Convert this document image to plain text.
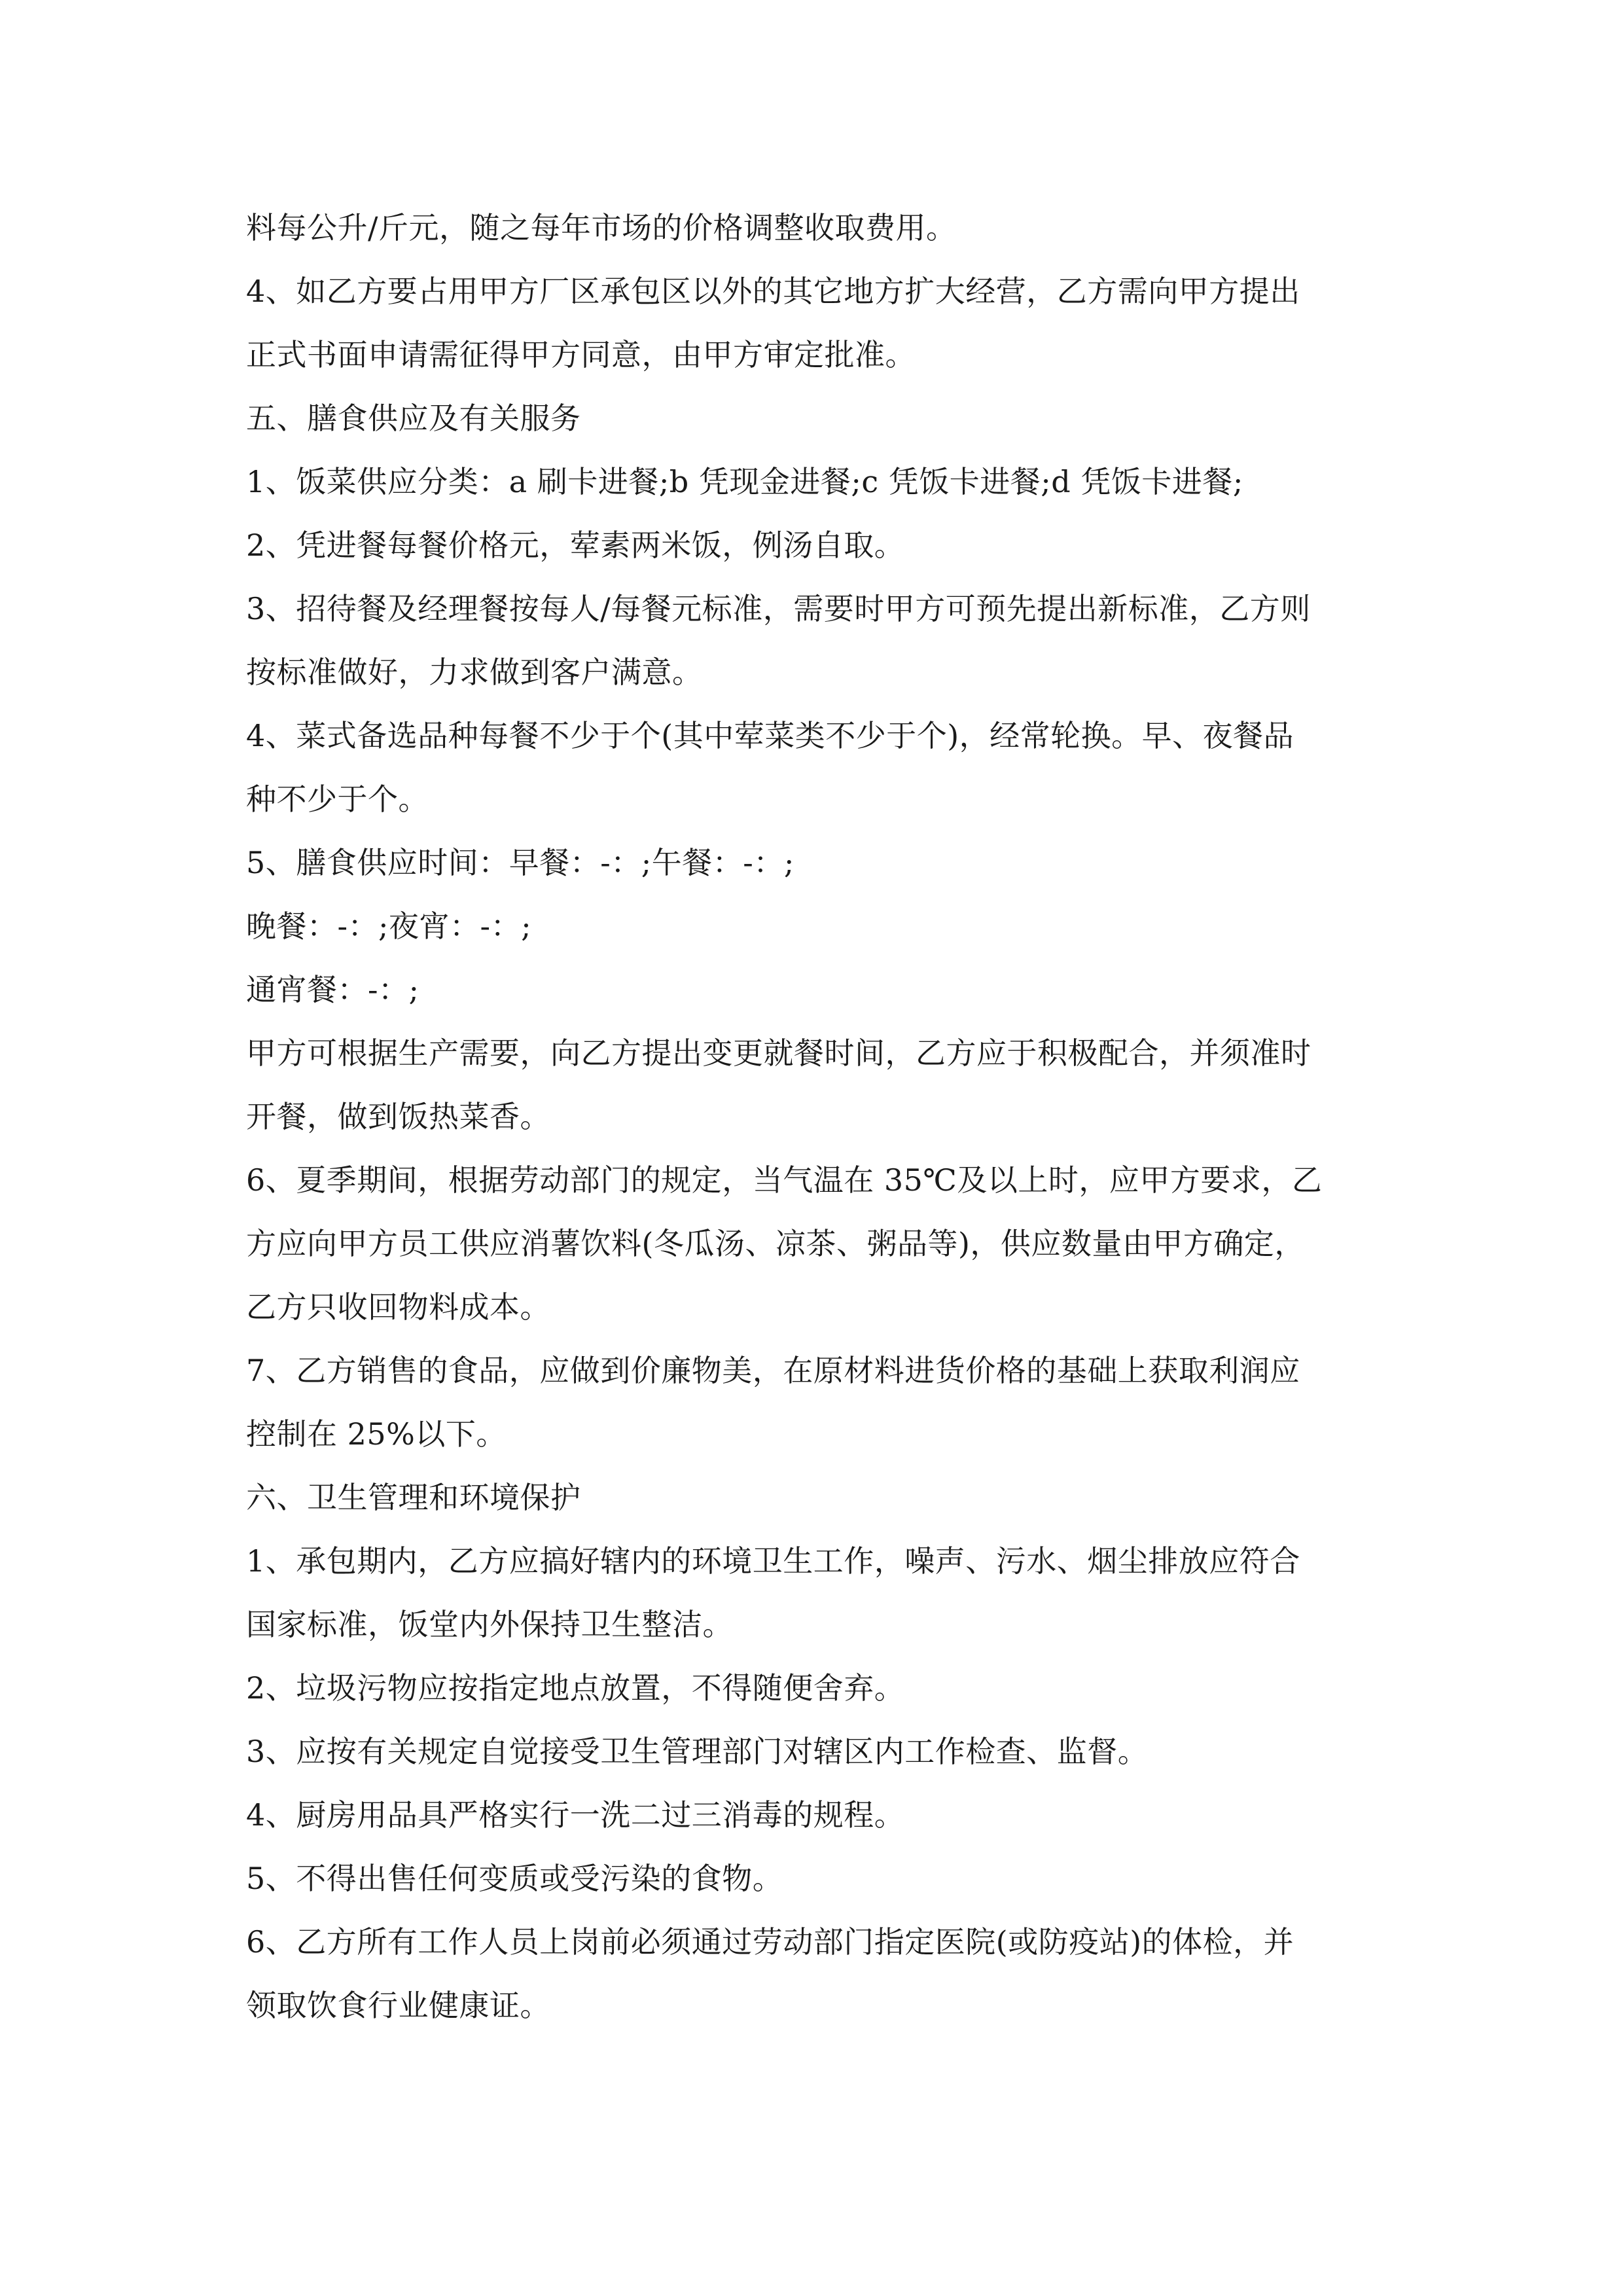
料每公升/斤元，随之每年市场的价格调整收取费用。
4、如乙方要占用甲方厂区承包区以外的其它地方扩大经营，乙方需向甲方提出
正式书面申请需征得甲方同意，由甲方审定批准。
五、膳食供应及有关服务
1、饭菜供应分类：a 刷卡进餐;b 凭现金进餐;c 凭饭卡进餐;d 凭饭卡进餐;
2、凭进餐每餐价格元，荤素两米饭，例汤自取。
3、招待餐及经理餐按每人/每餐元标准，需要时甲方可预先提出新标准，乙方则
按标准做好，力求做到客户满意。
4、菜式备选品种每餐不少于个(其中荤菜类不少于个)，经常轮换。早、夜餐品
种不少于个。
5、膳食供应时间：早餐：-：;午餐：-：;
晚餐：-：;夜宵：-：;
通宵餐：-：;
甲方可根据生产需要，向乙方提出变更就餐时间，乙方应于积极配合，并须准时
开餐，做到饭热菜香。
6、夏季期间，根据劳动部门的规定，当气温在 35℃及以上时，应甲方要求，乙
方应向甲方员工供应消薯饮料(冬瓜汤、凉茶、粥品等)，供应数量由甲方确定，
乙方只收回物料成本。
7、乙方销售的食品，应做到价廉物美，在原材料进货价格的基础上获取利润应
控制在 25%以下。
六、卫生管理和环境保护
1、承包期内，乙方应搞好辖内的环境卫生工作，噪声、污水、烟尘排放应符合
国家标准，饭堂内外保持卫生整洁。
2、垃圾污物应按指定地点放置，不得随便舍弃。
3、应按有关规定自觉接受卫生管理部门对辖区内工作检查、监督。
4、厨房用品具严格实行一洗二过三消毒的规程。
5、不得出售任何变质或受污染的食物。
6、乙方所有工作人员上岗前必须通过劳动部门指定医院(或防疫站)的体检，并
领取饮食行业健康证。
